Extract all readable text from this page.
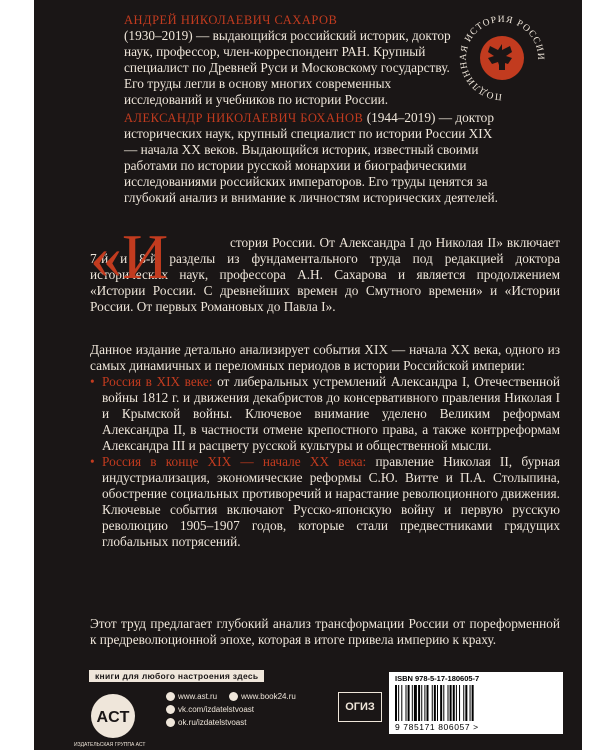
ПОДЛИННАЯ ИСТОРИЯ РОССИИ
АНДРЕЙ НИКОЛАЕВИЧ САХАРОВ
(1930–2019) — выдающийся российский историк, доктор наук, профессор, член-корреспондент РАН. Крупный специалист по Древней Руси и Московскому государству. Его труды легли в основу многих современных исследований и учебников по истории России.
АЛЕКСАНДР НИКОЛАЕВИЧ БОХАНОВ (1944–2019) — доктор исторических наук, крупный специалист по истории России XIX — начала XX веков. Выдающийся историк, известный своими работами по истории русской монархии и биографическими исследованиями российских императоров. Его труды ценятся за глубокий анализ и внимание к личностям исторических деятелей.
«И	стория России. От Александра I до Николая II» включает 7-й и 8-й разделы из фундаментального труда под редакцией доктора исторических наук, профессора А.Н. Сахарова и является продолжением «Истории России. С древнейших времен до Смутного времени» и «Истории России. От первых Романовых до Павла I».

Данное издание детально анализирует события XIX — начала XX века, одного из самых динамичных и переломных периодов в истории Российской империи:

• Россия в XIX веке: от либеральных устремлений Александра I, Отечественной войны 1812 г. и движения декабристов до консервативного правления Николая I и Крымской войны. Ключевое внимание уделено Великим реформам Александра II, в частности отмене крепостного права, а также контрреформам Александра III и расцвету русской культуры и общественной мысли.
• Россия в конце XIX — начале XX века: правление Николая II, бурная индустриализация, экономические реформы С.Ю. Витте и П.А. Столыпина, обострение социальных противоречий и нарастание революционного движения. Ключевые события включают Русско-японскую войну и первую русскую революцию 1905–1907 годов, которые стали предвестниками грядущих глобальных потрясений.

Этот труд предлагает глубокий анализ трансформации России от пореформенной к предреволюционной эпохе, которая в итоге привела империю к краху.

книги для любого настроения здесь
ACT
ИЗДАТЕЛЬСКАЯ ГРУППА АСТ
www.ast.ru	www.book24.ru
vk.com/izdatelstvoast
ok.ru/izdatelstvoast
ОГИЗ
ISBN 978-5-17-180605-7
9 785171 806057 >
